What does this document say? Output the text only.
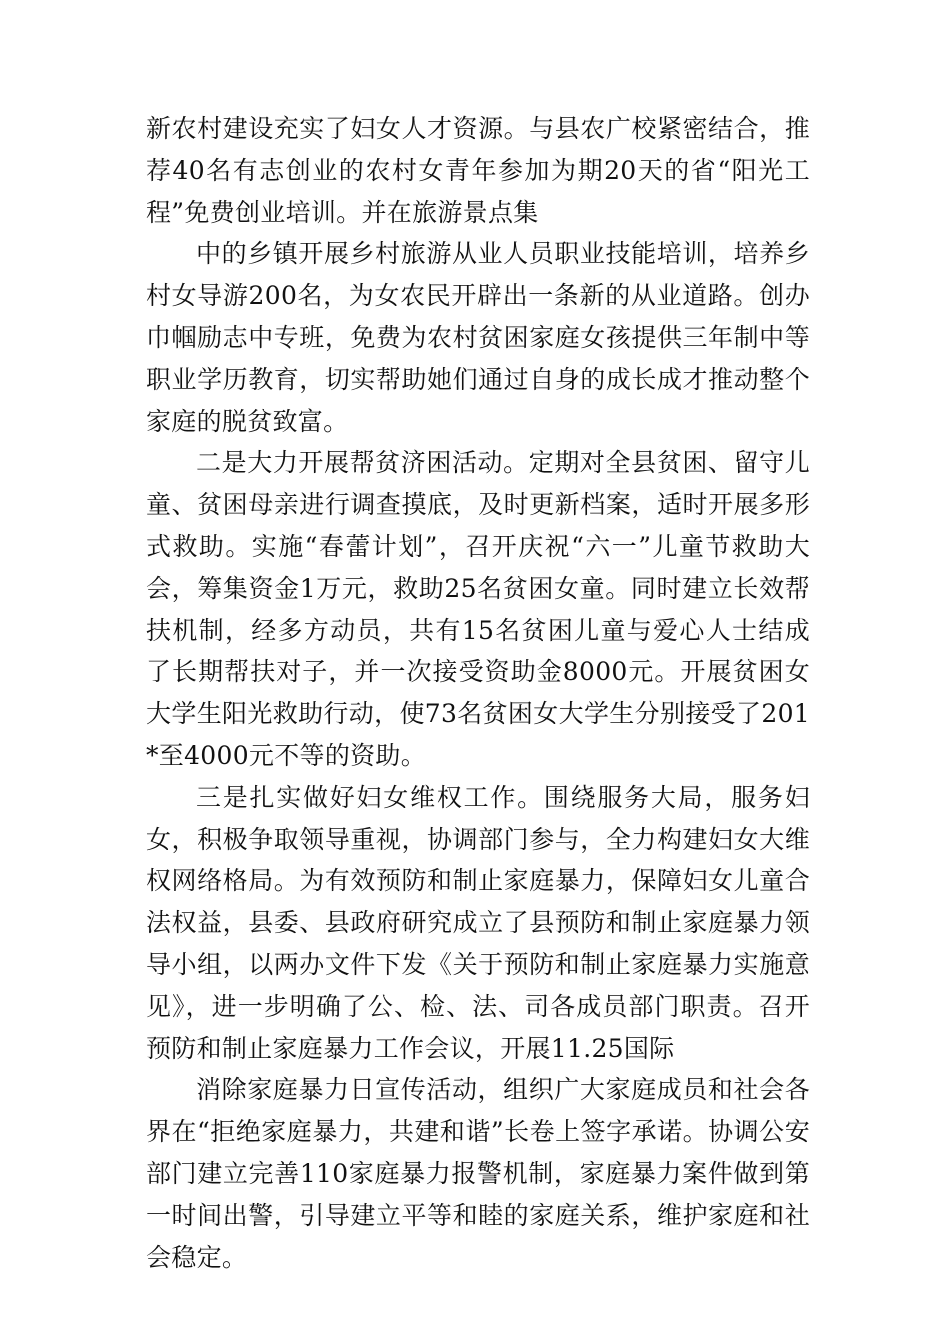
新农村建设充实了妇女人才资源。与县农广校紧密结合，推荐40名有志创业的农村女青年参加为期20天的省“阳光工程”免费创业培训。并在旅游景点集

中的乡镇开展乡村旅游从业人员职业技能培训，培养乡村女导游200名，为女农民开辟出一条新的从业道路。创办巾帼励志中专班，免费为农村贫困家庭女孩提供三年制中等职业学历教育，切实帮助她们通过自身的成长成才推动整个家庭的脱贫致富。

二是大力开展帮贫济困活动。定期对全县贫困、留守儿童、贫困母亲进行调查摸底，及时更新档案，适时开展多形式救助。实施“春蕾计划”，召开庆祝“六一”儿童节救助大会，筹集资金1万元，救助25名贫困女童。同时建立长效帮扶机制，经多方动员，共有15名贫困儿童与爱心人士结成了长期帮扶对子，并一次接受资助金8000元。开展贫困女大学生阳光救助行动，使73名贫困女大学生分别接受了201*至4000元不等的资助。

三是扎实做好妇女维权工作。围绕服务大局，服务妇女，积极争取领导重视，协调部门参与，全力构建妇女大维权网络格局。为有效预防和制止家庭暴力，保障妇女儿童合法权益，县委、县政府研究成立了县预防和制止家庭暴力领导小组，以两办文件下发《关于预防和制止家庭暴力实施意见》，进一步明确了公、检、法、司各成员部门职责。召开预防和制止家庭暴力工作会议，开展11.25国际

消除家庭暴力日宣传活动，组织广大家庭成员和社会各界在“拒绝家庭暴力，共建和谐”长卷上签字承诺。协调公安部门建立完善110家庭暴力报警机制，家庭暴力案件做到第一时间出警，引导建立平等和睦的家庭关系，维护家庭和社会稳定。
